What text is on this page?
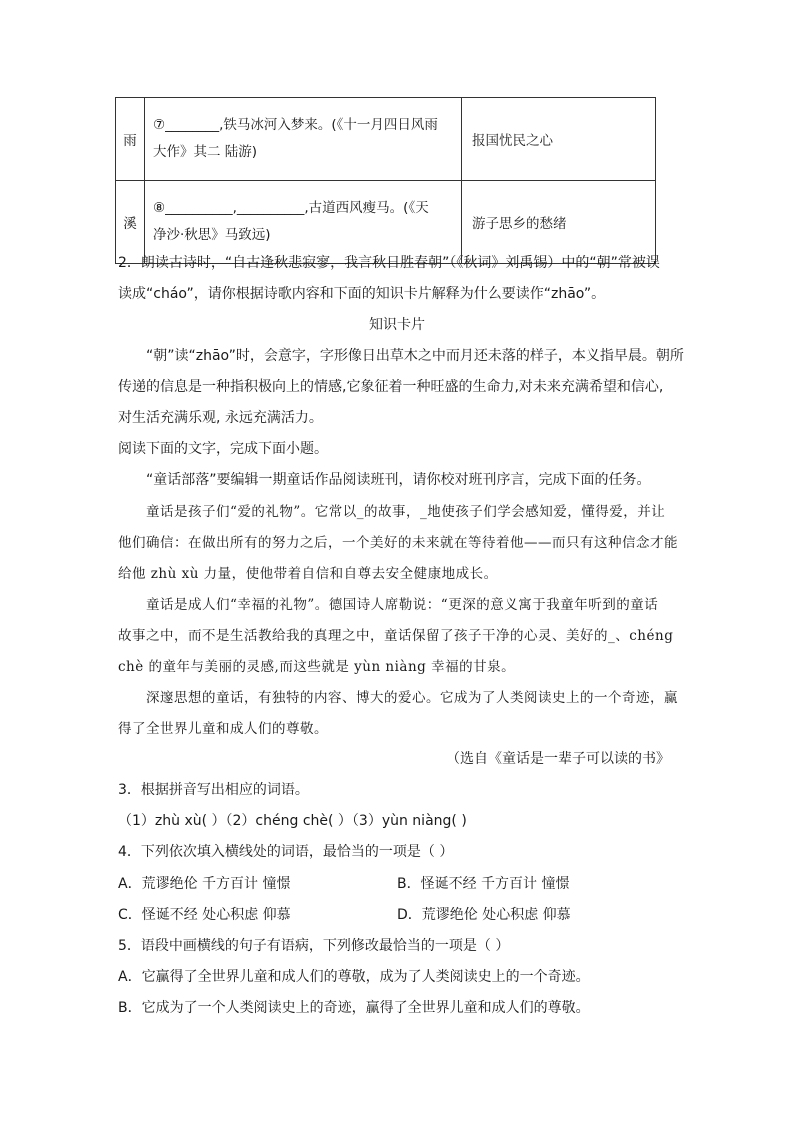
雨	⑦________,铁马冰河入梦来。(《十一月四日风雨
大作》其二 陆游)	报国忧民之心
溪	⑧__________,__________,古道西风瘦马。(《天
净沙·秋思》马致远)	游子思乡的愁绪
2．朗读古诗时，“自古逢秋悲寂寥，我言秋日胜春朝”（《秋词》刘禹锡）中的“朝”常被误
读成“cháo”，请你根据诗歌内容和下面的知识卡片解释为什么要读作“zhāo”。
知识卡片
“朝”读“zhāo”时，会意字，字形像日出草木之中而月还未落的样子，本义指早晨。朝所
传递的信息是一种指积极向上的情感,它象征着一种旺盛的生命力,对未来充满希望和信心,
对生活充满乐观, 永远充满活力。
阅读下面的文字，完成下面小题。
“童话部落”要编辑一期童话作品阅读班刊，请你校对班刊序言，完成下面的任务。
童话是孩子们“爱的礼物”。它常以_的故事，_地使孩子们学会感知爱，懂得爱，并让
他们确信：在做出所有的努力之后，一个美好的未来就在等待着他——而只有这种信念才能
给他 zhù xù 力量，使他带着自信和自尊去安全健康地成长。
童话是成人们“幸福的礼物”。德国诗人席勒说：“更深的意义寓于我童年听到的童话
故事之中，而不是生活教给我的真理之中，童话保留了孩子干净的心灵、美好的_、chéng
chè 的童年与美丽的灵感,而这些就是 yùn niàng 幸福的甘泉。
深邃思想的童话，有独特的内容、博大的爱心。它成为了人类阅读史上的一个奇迹，赢
得了全世界儿童和成人们的尊敬。
（选自《童话是一辈子可以读的书》
3．根据拼音写出相应的词语。
（1）zhù xù( ）（2）chéng chè( ）（3）yùn niàng( )
4．下列依次填入横线处的词语，最恰当的一项是（ ）
A．荒谬绝伦 千方百计 憧憬	B．怪诞不经 千方百计 憧憬
C．怪诞不经 处心积虑 仰慕	D．荒谬绝伦 处心积虑 仰慕
5．语段中画横线的句子有语病，下列修改最恰当的一项是（ ）
A．它赢得了全世界儿童和成人们的尊敬，成为了人类阅读史上的一个奇迹。
B．它成为了一个人类阅读史上的奇迹，赢得了全世界儿童和成人们的尊敬。
